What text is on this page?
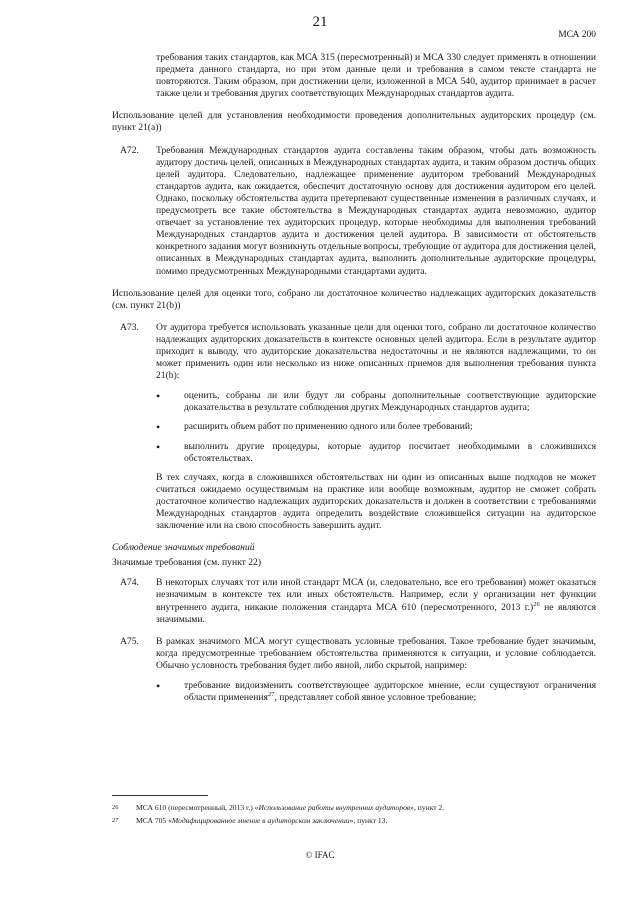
21
МСА 200

требования таких стандартов, как МСА 315 (пересмотренный) и МСА 330 следует применять в отношении предмета данного стандарта, но при этом данные цели и требования в самом тексте стандарта не повторяются. Таким образом, при достижении цели, изложенной в МСА 540, аудитор принимает в расчет также цели и требования других соответствующих Международных стандартов аудита.

Использование целей для установления необходимости проведения дополнительных аудиторских процедур (см. пункт 21(а))

A72.	Требования Международных стандартов аудита составлены таким образом, чтобы дать возможность аудитору достичь целей, описанных в Международных стандартах аудита, и таким образом достичь общих целей аудитора. Следовательно, надлежащее применение аудитором требований Международных стандартов аудита, как ожидается, обеспечит достаточную основу для достижения аудитором его целей. Однако, поскольку обстоятельства аудита претерпевают существенные изменения в различных случаях, и предусмотреть все такие обстоятельства в Международных стандартах аудита невозможно, аудитор отвечает за установление тех аудиторских процедур, которые необходимы для выполнения требований Международных стандартов аудита и достижения целей аудитора. В зависимости от обстоятельств конкретного задания могут возникнуть отдельные вопросы, требующие от аудитора для достижения целей, описанных в Международных стандартах аудита, выполнить дополнительные аудиторские процедуры, помимо предусмотренных Международными стандартами аудита.

Использование целей для оценки того, собрано ли достаточное количество надлежащих аудиторских доказательств (см. пункт 21(b))

A73.	От аудитора требуется использовать указанные цели для оценки того, собрано ли достаточное количество надлежащих аудиторских доказательств в контексте основных целей аудитора. Если в результате аудитор приходит к выводу, что аудиторские доказательства недостаточны и не являются надлежащими, то он может применить один или несколько из ниже описанных приемов для выполнения требования пункта 21(b):

•	оценить, собраны ли или будут ли собраны дополнительные соответствующие аудиторские доказательства в результате соблюдения других Международных стандартов аудита;

•	расширить объем работ по применению одного или более требований;

•	выполнить другие процедуры, которые аудитор посчитает необходимыми в сложившихся обстоятельствах.

В тех случаях, когда в сложившихся обстоятельствах ни один из описанных выше подходов не может считаться ожидаемо осуществимым на практике или вообще возможным, аудитор не сможет собрать достаточное количество надлежащих аудиторских доказательств и должен в соответствии с требованиями Международных стандартов аудита определить воздействие сложившейся ситуации на аудиторское заключение или на свою способность завершить аудит.

Соблюдение значимых требований

Значимые требования (см. пункт 22)

A74.	В некоторых случаях тот или иной стандарт МСА (и, следовательно, все его требования) может оказаться незначимым в контексте тех или иных обстоятельств. Например, если у организации нет функции внутреннего аудита, никакие положения стандарта МСА 610 (пересмотренного, 2013 г.)$^{26}$ не являются значимыми.

A75.	В рамках значимого МСА могут существовать условные требования. Такое требование будет значимым, когда предусмотренные требованием обстоятельства применяются к ситуации, и условие соблюдается. Обычно условность требования будет либо явной, либо скрытой, например:

•	требование видоизменить соответствующее аудиторское мнение, если существуют ограничения области применения$^{27}$, представляет собой явное условное требование;

26	МСА 610 (пересмотренный, 2013 г.) «Использование работы внутренних аудиторов», пункт 2.
27	МСА 705 «Модифицированное мнение в аудиторском заключении», пункт 13.
© IFAC
